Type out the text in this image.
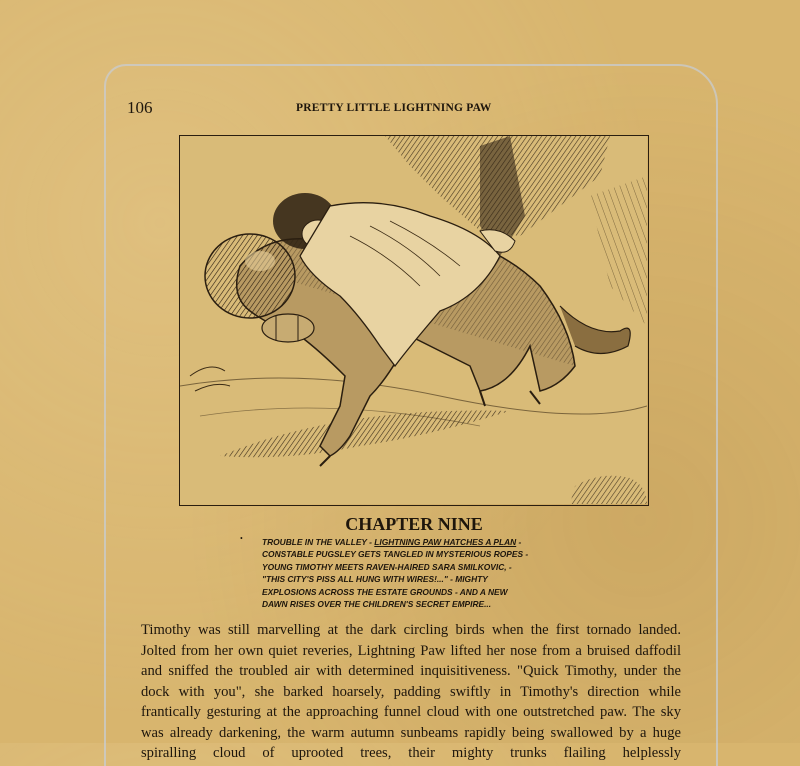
106	PRETTY LITTLE LIGHTNING PAW
CHAPTER NINE
• TROUBLE IN THE VALLEY - LIGHTNING PAW HATCHES A PLAN -
CONSTABLE PUGSLEY GETS TANGLED IN MYSTERIOUS ROPES -
YOUNG TIMOTHY MEETS RAVEN-HAIRED SARA SMILKOVIC, -
"THIS CITY'S PISS ALL HUNG WITH WIRES!..." - MIGHTY
EXPLOSIONS ACROSS THE ESTATE GROUNDS - AND A NEW
DAWN RISES OVER THE CHILDREN'S SECRET EMPIRE...
Timothy was still marvelling at the dark circling birds when the first tornado landed.
Jolted from her own quiet reveries, Lightning Paw lifted her nose from a bruised daffodil
and sniffed the troubled air with determined inquisitiveness. "Quick Timothy, under the
dock with you", she barked hoarsely, padding swiftly in Timothy's direction while
frantically gesturing at the approaching funnel cloud with one outstretched paw. The sky
was already darkening, the warm autumn sunbeams rapidly being swallowed by a huge
spiralling cloud of uprooted trees, their mighty trunks flailing helplessly
